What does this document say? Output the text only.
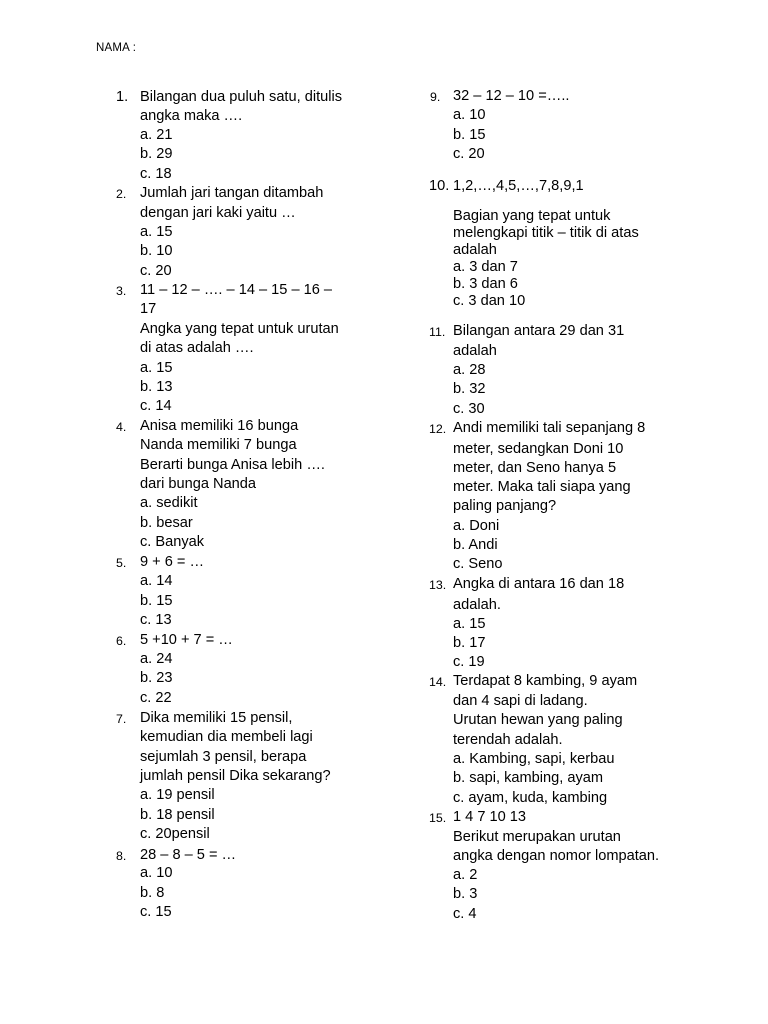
NAMA :
1. Bilangan dua puluh satu, ditulis
angka maka ….
a. 21
b. 29
c. 18
2. Jumlah jari tangan ditambah
dengan jari kaki yaitu …
a. 15
b. 10
c. 20
3. 11 – 12 – …. – 14 – 15 – 16 –
17
Angka yang tepat untuk urutan
di atas adalah ….
a. 15
b. 13
c. 14
4. Anisa memiliki 16 bunga
Nanda memiliki 7 bunga
Berarti bunga Anisa lebih ….
dari bunga Nanda
a. sedikit
b. besar
c. Banyak
5. 9 + 6 = …
a. 14
b. 15
c. 13
6. 5 +10 + 7 = …
a. 24
b. 23
c. 22
7. Dika memiliki 15 pensil,
kemudian dia membeli lagi
sejumlah 3 pensil, berapa
jumlah pensil Dika sekarang?
a. 19 pensil
b. 18 pensil
c. 20pensil
8. 28 – 8 – 5 = …
a. 10
b. 8
c. 15
9. 32 – 12 – 10 =…..
a. 10
b. 15
c. 20
10. 1,2,…,4,5,…,7,8,9,1
Bagian yang tepat untuk
melengkapi titik – titik di atas
adalah
a. 3 dan 7
b. 3 dan 6
c. 3 dan 10
11. Bilangan antara 29 dan 31
adalah
a. 28
b. 32
c. 30
12. Andi memiliki tali sepanjang 8
meter, sedangkan Doni 10
meter, dan Seno hanya 5
meter. Maka tali siapa yang
paling panjang?
a. Doni
b. Andi
c. Seno
13. Angka di antara 16 dan 18
adalah.
a. 15
b. 17
c. 19
14. Terdapat 8 kambing, 9 ayam
dan 4 sapi di ladang.
Urutan hewan yang paling
terendah adalah.
a. Kambing, sapi, kerbau
b. sapi, kambing, ayam
c. ayam, kuda, kambing
15. 1 4 7 10 13
Berikut merupakan urutan
angka dengan nomor lompatan.
a. 2
b. 3
c. 4
